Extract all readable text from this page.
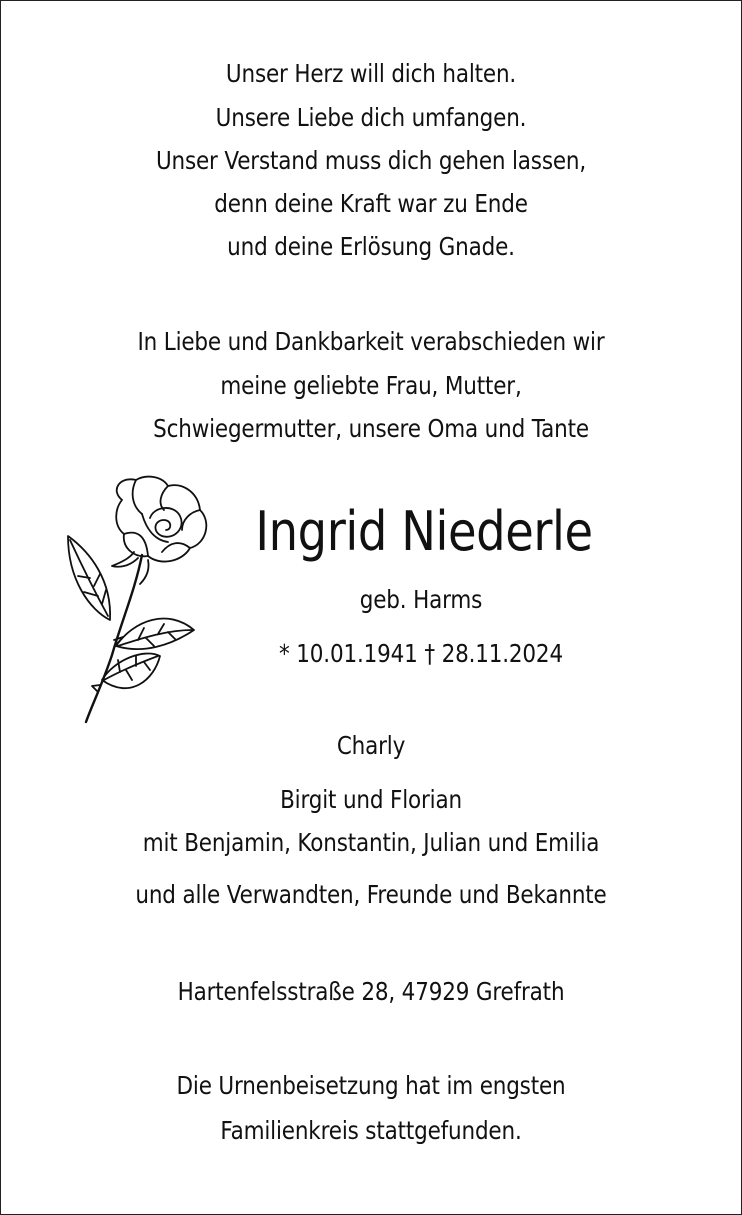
Unser Herz will dich halten.
Unsere Liebe dich umfangen.
Unser Verstand muss dich gehen lassen,
denn deine Kraft war zu Ende
und deine Erlösung Gnade.
In Liebe und Dankbarkeit verabschieden wir
meine geliebte Frau, Mutter,
Schwiegermutter, unsere Oma und Tante
Ingrid Niederle
geb. Harms
* 10.01.1941 † 28.11.2024
Charly
Birgit und Florian
mit Benjamin, Konstantin, Julian und Emilia
und alle Verwandten, Freunde und Bekannte
Hartenfelsstraße 28, 47929 Grefrath
Die Urnenbeisetzung hat im engsten
Familienkreis stattgefunden.
